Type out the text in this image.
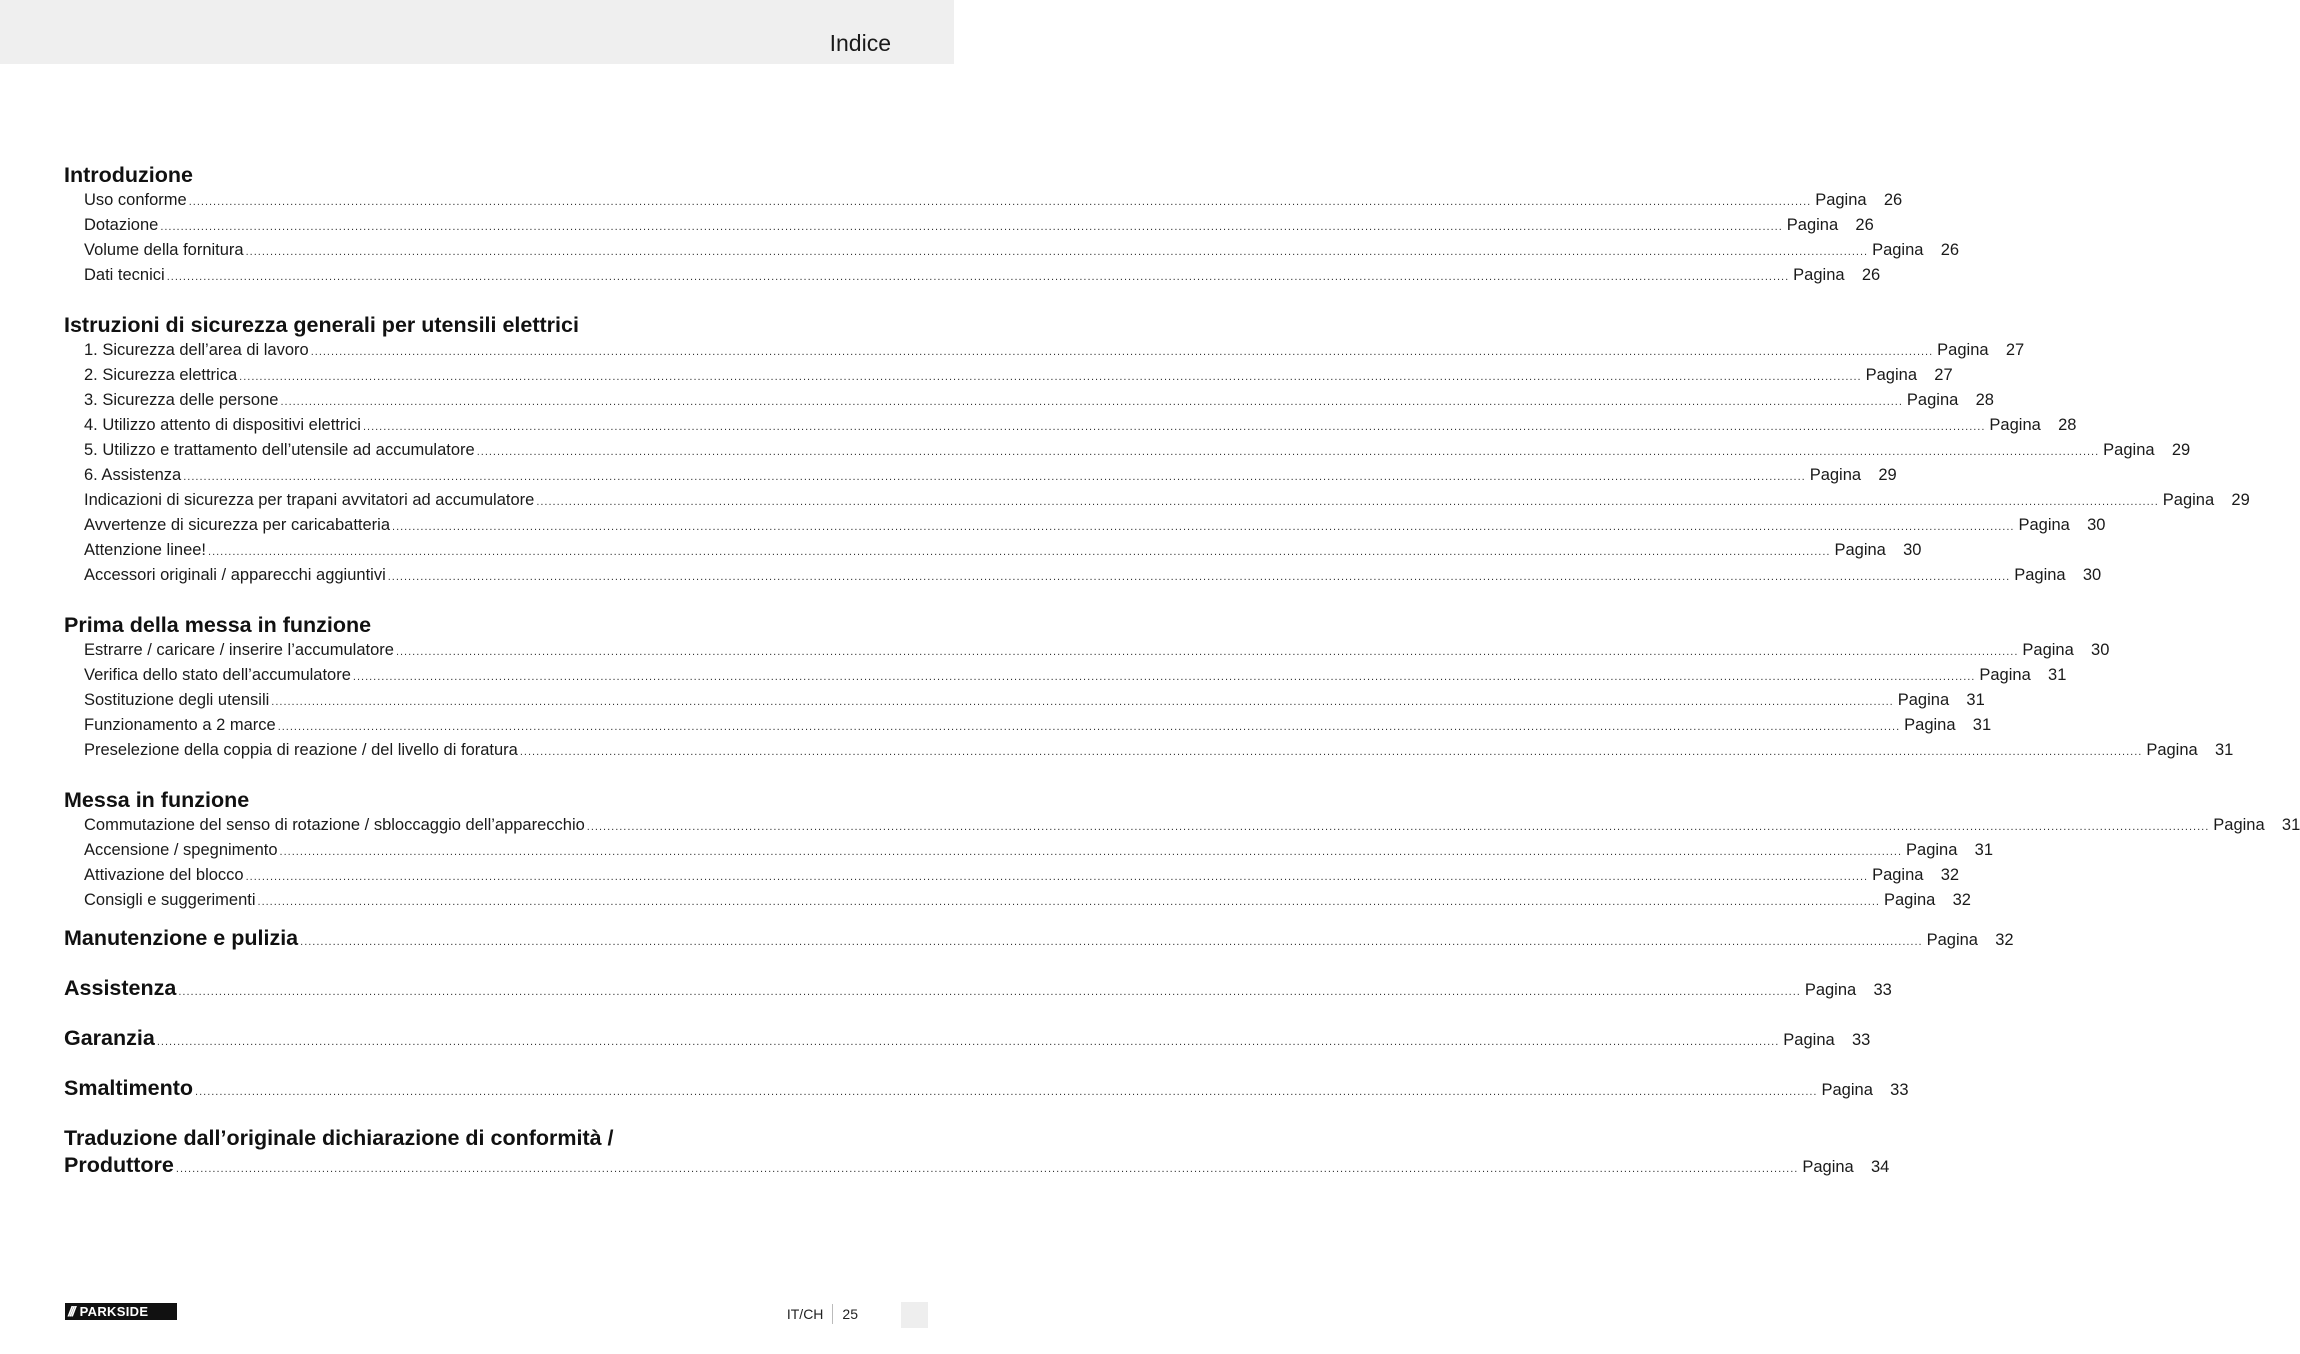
Indice
Introduzione
Uso conforme ................................................................................................................................................................................................................................................................................................................................................................................................................ Pagina 26
Dotazione ................................................................................................................................................................................................................................................................................................................................................................................................................ Pagina 26
Volume della fornitura ................................................................................................................................................................................................................................................................................................................................................................................................................ Pagina 26
Dati tecnici ................................................................................................................................................................................................................................................................................................................................................................................................................ Pagina 26
Istruzioni di sicurezza generali per utensili elettrici
1. Sicurezza dell’area di lavoro ................................................................................................................................................................................................................................................................................................................................................................................................................ Pagina 27
2. Sicurezza elettrica ................................................................................................................................................................................................................................................................................................................................................................................................................ Pagina 27
3. Sicurezza delle persone ................................................................................................................................................................................................................................................................................................................................................................................................................ Pagina 28
4. Utilizzo attento di dispositivi elettrici ................................................................................................................................................................................................................................................................................................................................................................................................................ Pagina 28
5. Utilizzo e trattamento dell’utensile ad accumulatore ................................................................................................................................................................................................................................................................................................................................................................................................................ Pagina 29
6. Assistenza ................................................................................................................................................................................................................................................................................................................................................................................................................ Pagina 29
Indicazioni di sicurezza per trapani avvitatori ad accumulatore ................................................................................................................................................................................................................................................................................................................................................................................................................ Pagina 29
Avvertenze di sicurezza per caricabatteria ................................................................................................................................................................................................................................................................................................................................................................................................................ Pagina 30
Attenzione linee! ................................................................................................................................................................................................................................................................................................................................................................................................................ Pagina 30
Accessori originali / apparecchi aggiuntivi ................................................................................................................................................................................................................................................................................................................................................................................................................ Pagina 30
Prima della messa in funzione
Estrarre / caricare / inserire l’accumulatore ................................................................................................................................................................................................................................................................................................................................................................................................................ Pagina 30
Verifica dello stato dell’accumulatore ................................................................................................................................................................................................................................................................................................................................................................................................................ Pagina 31
Sostituzione degli utensili ................................................................................................................................................................................................................................................................................................................................................................................................................ Pagina 31
Funzionamento a 2 marce ................................................................................................................................................................................................................................................................................................................................................................................................................ Pagina 31
Preselezione della coppia di reazione / del livello di foratura ................................................................................................................................................................................................................................................................................................................................................................................................................ Pagina 31
Messa in funzione
Commutazione del senso di rotazione / sbloccaggio dell’apparecchio ................................................................................................................................................................................................................................................................................................................................................................................................................ Pagina 31
Accensione / spegnimento ................................................................................................................................................................................................................................................................................................................................................................................................................ Pagina 31
Attivazione del blocco ................................................................................................................................................................................................................................................................................................................................................................................................................ Pagina 32
Consigli e suggerimenti ................................................................................................................................................................................................................................................................................................................................................................................................................ Pagina 32
Manutenzione e pulizia ................................................................................................................................................................................................................................................................................................................................................................................................................ Pagina 32
Assistenza ................................................................................................................................................................................................................................................................................................................................................................................................................ Pagina 33
Garanzia ................................................................................................................................................................................................................................................................................................................................................................................................................ Pagina 33
Smaltimento ................................................................................................................................................................................................................................................................................................................................................................................................................ Pagina 33
Traduzione dall’originale dichiarazione di conformità /
Produttore ................................................................................................................................................................................................................................................................................................................................................................................................................ Pagina 34
/// PARKSIDE	IT/CH	25
